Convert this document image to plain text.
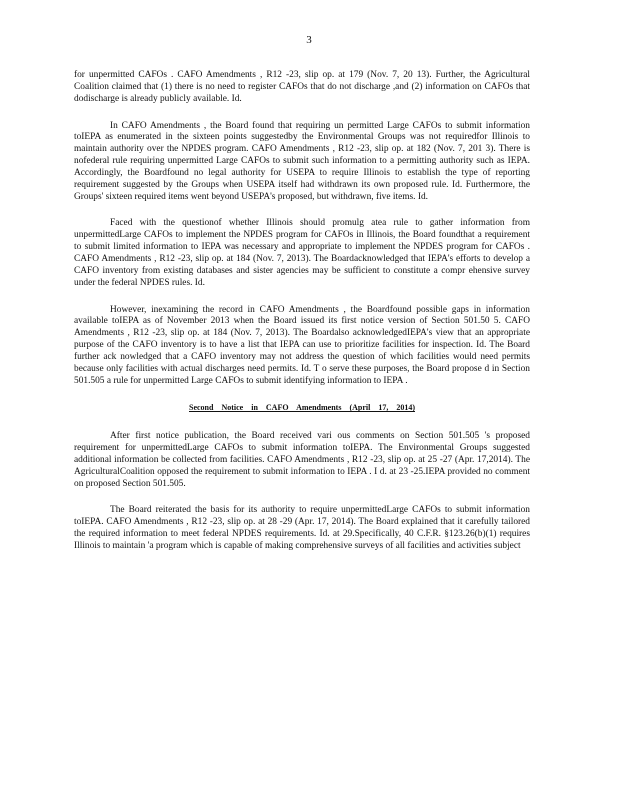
3

for unpermitted CAFOs . CAFO Amendments , R12 -23, slip op. at 179 (Nov. 7, 20 13). Further, the Agricultural Coalition claimed that (1) there is no need to register CAFOs that do not discharge ,and (2) information on CAFOs that dodischarge is already publicly available. Id.

In CAFO Amendments , the Board found that requiring un permitted Large CAFOs to submit information toIEPA as enumerated in the sixteen points suggestedby the Environmental Groups was not requiredfor Illinois to maintain authority over the NPDES program. CAFO Amendments , R12 -23, slip op. at 182 (Nov. 7, 201 3). There is nofederal rule requiring unpermitted Large CAFOs to submit such information to a permitting authority such as IEPA. Accordingly, the Boardfound no legal authority for USEPA to require Illinois to establish the type of reporting requirement suggested by the Groups when USEPA itself had withdrawn its own proposed rule. Id. Furthermore, the Groups' sixteen required items went beyond USEPA's proposed, but withdrawn, five items. Id.

Faced with the questionof whether Illinois should promulg atea rule to gather information from unpermittedLarge CAFOs to implement the NPDES program for CAFOs in Illinois, the Board foundthat a requirement to submit limited information to IEPA was necessary and appropriate to implement the NPDES program for CAFOs . CAFO Amendments , R12 -23, slip op. at 184 (Nov. 7, 2013). The Boardacknowledged that IEPA's efforts to develop a CAFO inventory from existing databases and sister agencies may be sufficient to constitute a compr ehensive survey under the federal NPDES rules. Id.

However, inexamining the record in CAFO Amendments , the Boardfound possible gaps in information available toIEPA as of November 2013 when the Board issued its first notice version of Section 501.50 5. CAFO Amendments , R12 -23, slip op. at 184 (Nov. 7, 2013). The Boardalso acknowledgedIEPA's view that an appropriate purpose of the CAFO inventory is to have a list that IEPA can use to prioritize facilities for inspection. Id. The Board further ack nowledged that a CAFO inventory may not address the question of which facilities would need permits because only facilities with actual discharges need permits. Id. T o serve these purposes, the Board propose d in Section 501.505 a rule for unpermitted Large CAFOs to submit identifying information to IEPA .

Second Notice in CAFO Amendments (April 17, 2014)

After first notice publication, the Board received vari ous comments on Section 501.505 's proposed requirement for unpermittedLarge CAFOs to submit information toIEPA. The Environmental Groups suggested additional information be collected from facilities. CAFO Amendments , R12 -23, slip op. at 25 -27 (Apr. 17,2014). The AgriculturalCoalition opposed the requirement to submit information to IEPA . I d. at 23 -25.IEPA provided no comment on proposed Section 501.505.

The Board reiterated the basis for its authority to require unpermittedLarge CAFOs to submit information toIEPA. CAFO Amendments , R12 -23, slip op. at 28 -29 (Apr. 17, 2014). The Board explained that it carefully tailored the required information to meet federal NPDES requirements. Id. at 29.Specifically, 40 C.F.R. §123.26(b)(1) requires Illinois to maintain 'a program which is capable of making comprehensive surveys of all facilities and activities subject
